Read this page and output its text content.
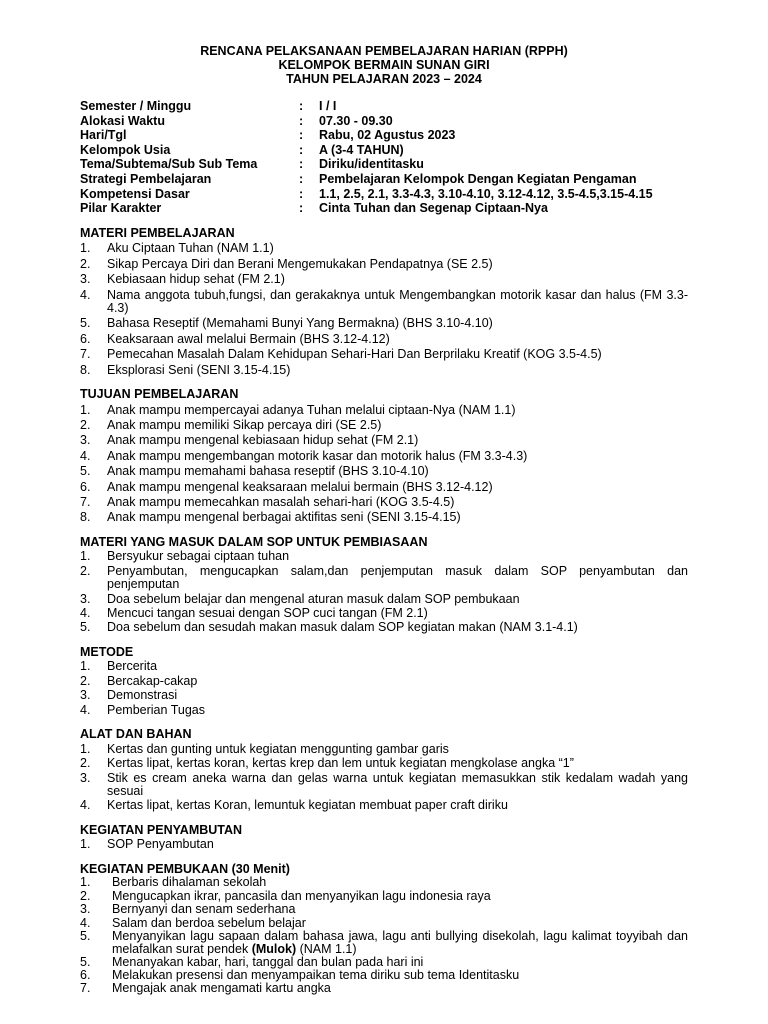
RENCANA PELAKSANAAN PEMBELAJARAN HARIAN (RPPH)
KELOMPOK BERMAIN SUNAN GIRI
TAHUN PELAJARAN 2023 – 2024
Semester / Minggu	:	I / I
Alokasi Waktu	:	07.30 - 09.30
Hari/Tgl	:	Rabu, 02 Agustus 2023
Kelompok Usia	:	A (3-4 TAHUN)
Tema/Subtema/Sub Sub Tema	:	Diriku/identitasku
Strategi Pembelajaran	:	Pembelajaran Kelompok Dengan Kegiatan Pengaman
Kompetensi Dasar	:	1.1, 2.5, 2.1, 3.3-4.3, 3.10-4.10, 3.12-4.12, 3.5-4.5,3.15-4.15
Pilar Karakter	:	Cinta Tuhan dan Segenap Ciptaan-Nya
MATERI PEMBELAJARAN
1.	Aku Ciptaan Tuhan (NAM 1.1)
2.	Sikap Percaya Diri dan Berani Mengemukakan Pendapatnya (SE 2.5)
3.	Kebiasaan hidup sehat (FM 2.1)
4.	Nama anggota tubuh,fungsi, dan gerakaknya untuk Mengembangkan motorik kasar dan halus (FM 3.3-4.3)
5.	Bahasa Reseptif (Memahami Bunyi Yang Bermakna) (BHS 3.10-4.10)
6.	Keaksaraan awal melalui Bermain (BHS 3.12-4.12)
7.	Pemecahan Masalah Dalam Kehidupan Sehari-Hari Dan Berprilaku Kreatif (KOG 3.5-4.5)
8.	Eksplorasi Seni (SENI 3.15-4.15)
TUJUAN PEMBELAJARAN
1.	Anak mampu mempercayai adanya Tuhan melalui ciptaan-Nya (NAM 1.1)
2.	Anak mampu memiliki Sikap percaya diri (SE 2.5)
3.	Anak mampu mengenal kebiasaan hidup sehat (FM 2.1)
4.	Anak mampu mengembangan motorik kasar dan motorik halus (FM 3.3-4.3)
5.	Anak mampu memahami bahasa reseptif (BHS 3.10-4.10)
6.	Anak mampu mengenal keaksaraan melalui bermain (BHS 3.12-4.12)
7.	Anak mampu memecahkan masalah sehari-hari (KOG 3.5-4.5)
8.	Anak mampu mengenal berbagai aktifitas seni (SENI 3.15-4.15)
MATERI YANG MASUK DALAM SOP UNTUK PEMBIASAAN
1.	Bersyukur sebagai ciptaan tuhan
2.	Penyambutan, mengucapkan salam,dan penjemputan masuk dalam SOP penyambutan dan penjemputan
3.	Doa sebelum belajar dan mengenal aturan masuk dalam SOP pembukaan
4.	Mencuci tangan sesuai dengan SOP cuci tangan (FM 2.1)
5.	Doa sebelum dan sesudah makan masuk dalam SOP kegiatan makan (NAM 3.1-4.1)
METODE
1.	Bercerita
2.	Bercakap-cakap
3.	Demonstrasi
4.	Pemberian Tugas
ALAT DAN BAHAN
1.	Kertas dan gunting untuk kegiatan menggunting gambar garis
2.	Kertas lipat, kertas koran, kertas krep dan lem untuk kegiatan mengkolase angka “1”
3.	Stik es cream aneka warna dan gelas warna untuk kegiatan memasukkan stik kedalam wadah yang sesuai
4.	Kertas lipat, kertas Koran, lemuntuk kegiatan membuat paper craft diriku
KEGIATAN PENYAMBUTAN
1.	SOP Penyambutan
KEGIATAN PEMBUKAAN (30 Menit)
1.	Berbaris dihalaman sekolah
2.	Mengucapkan ikrar, pancasila dan menyanyikan lagu indonesia raya
3.	Bernyanyi dan senam sederhana
4.	Salam dan berdoa sebelum belajar
5.	Menyanyikan lagu sapaan dalam bahasa jawa, lagu anti bullying disekolah, lagu kalimat toyyibah dan melafalkan surat pendek (Mulok) (NAM 1.1)
5.	Menanyakan kabar, hari, tanggal dan bulan pada hari ini
6.	Melakukan presensi dan menyampaikan tema diriku sub tema Identitasku
7.	Mengajak anak mengamati kartu angka
